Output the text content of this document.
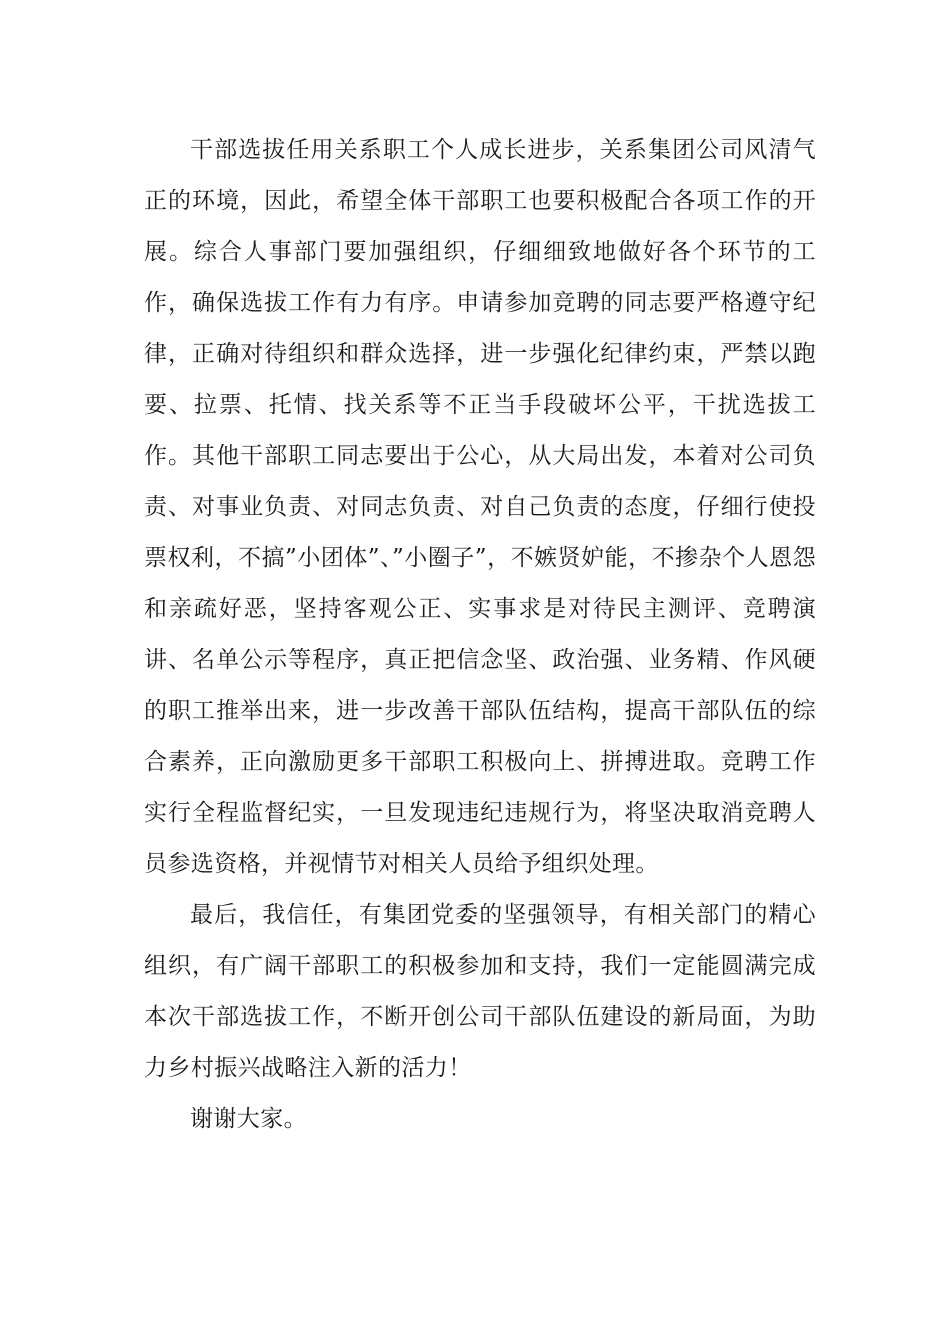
干部选拔任用关系职工个人成长进步，关系集团公司风清气正的环境，因此，希望全体干部职工也要积极配合各项工作的开展。综合人事部门要加强组织，仔细细致地做好各个环节的工作，确保选拔工作有力有序。申请参加竞聘的同志要严格遵守纪律，正确对待组织和群众选择，进一步强化纪律约束，严禁以跑要、拉票、托情、找关系等不正当手段破坏公平，干扰选拔工作。其他干部职工同志要出于公心，从大局出发，本着对公司负责、对事业负责、对同志负责、对自己负责的态度，仔细行使投票权利，不搞”小团体”、”小圈子”，不嫉贤妒能，不掺杂个人恩怨和亲疏好恶，坚持客观公正、实事求是对待民主测评、竞聘演讲、名单公示等程序，真正把信念坚、政治强、业务精、作风硬的职工推举出来，进一步改善干部队伍结构，提高干部队伍的综合素养，正向激励更多干部职工积极向上、拼搏进取。竞聘工作实行全程监督纪实，一旦发现违纪违规行为，将坚决取消竞聘人员参选资格，并视情节对相关人员给予组织处理。

最后，我信任，有集团党委的坚强领导，有相关部门的精心组织，有广阔干部职工的积极参加和支持，我们一定能圆满完成本次干部选拔工作，不断开创公司干部队伍建设的新局面，为助力乡村振兴战略注入新的活力！

谢谢大家。
